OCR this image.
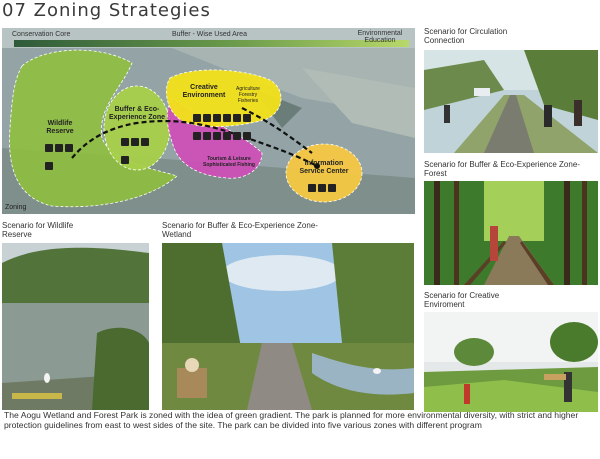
07 Zoning Strategies
Conservation Core	Buffer - Wise Used Area	Environmental Education
Wildlife Reserve
Buffer & Eco-Experience Zone
Creative Environment
Agriculture Forestry Fisheries

Tourism & Leisure Sophisticated Fishing	Information Service Center
Zoning
Scenario for Circulation Connection
Scenario for Buffer & Eco-Experience Zone-Forest
Scenario for Creative Enviroment
Scenario for Wildlife Reserve
Scenario for Buffer & Eco-Experience Zone-Wetland
The Aogu Wetland and Forest Park is zoned with the idea of green gradient. The park is planned for more environmental diversity, with strict and higher protection guidelines from east to west sides of the site. The park can be divided into five various zones with different program
